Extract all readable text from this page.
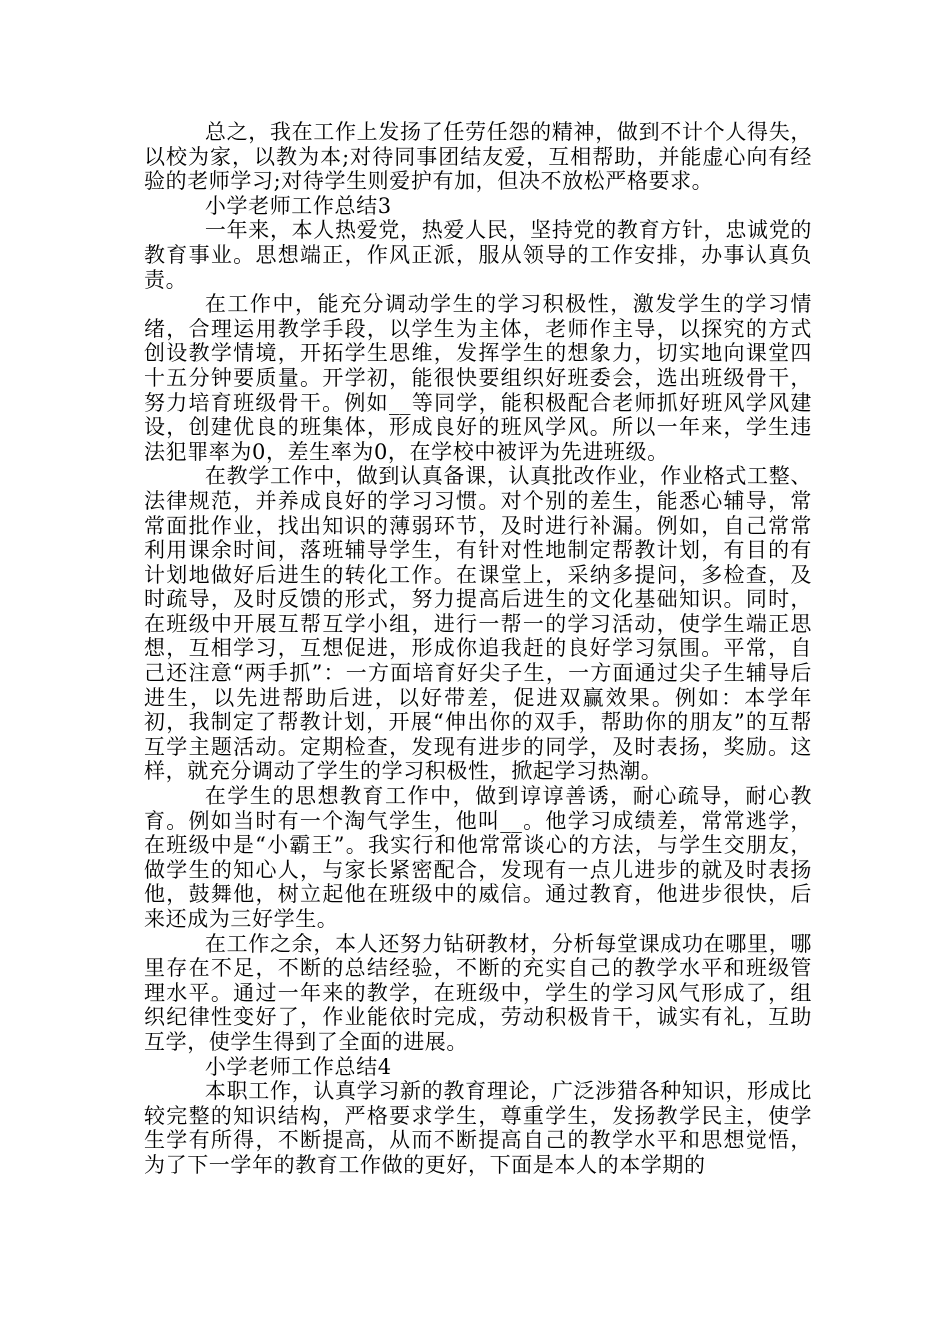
总之，我在工作上发扬了任劳任怨的精神，做到不计个人得失，以校为家，以教为本;对待同事团结友爱，互相帮助，并能虚心向有经验的老师学习;对待学生则爱护有加，但决不放松严格要求。

小学老师工作总结3

一年来，本人热爱党，热爱人民，坚持党的教育方针，忠诚党的教育事业。思想端正，作风正派，服从领导的工作安排，办事认真负责。

在工作中，能充分调动学生的学习积极性，激发学生的学习情绪，合理运用教学手段，以学生为主体，老师作主导，以探究的方式创设教学情境，开拓学生思维，发挥学生的想象力，切实地向课堂四十五分钟要质量。开学初，能很快要组织好班委会，选出班级骨干，努力培育班级骨干。例如__等同学，能积极配合老师抓好班风学风建设，创建优良的班集体，形成良好的班风学风。所以一年来，学生违法犯罪率为0，差生率为0，在学校中被评为先进班级。

在教学工作中，做到认真备课，认真批改作业，作业格式工整、法律规范，并养成良好的学习习惯。对个别的差生，能悉心辅导，常常面批作业，找出知识的薄弱环节，及时进行补漏。例如，自己常常利用课余时间，落班辅导学生，有针对性地制定帮教计划，有目的有计划地做好后进生的转化工作。在课堂上，采纳多提问，多检查，及时疏导，及时反馈的形式，努力提高后进生的文化基础知识。同时，在班级中开展互帮互学小组，进行一帮一的学习活动，使学生端正思想，互相学习，互想促进，形成你追我赶的良好学习氛围。平常，自己还注意“两手抓”：一方面培育好尖子生，一方面通过尖子生辅导后进生，以先进帮助后进，以好带差，促进双赢效果。例如：本学年初，我制定了帮教计划，开展“伸出你的双手，帮助你的朋友”的互帮互学主题活动。定期检查，发现有进步的同学，及时表扬，奖励。这样，就充分调动了学生的学习积极性，掀起学习热潮。

在学生的思想教育工作中，做到谆谆善诱，耐心疏导，耐心教育。例如当时有一个淘气学生，他叫__。他学习成绩差，常常逃学，在班级中是“小霸王”。我实行和他常常谈心的方法，与学生交朋友，做学生的知心人，与家长紧密配合，发现有一点儿进步的就及时表扬他，鼓舞他，树立起他在班级中的威信。通过教育，他进步很快，后来还成为三好学生。

在工作之余，本人还努力钻研教材，分析每堂课成功在哪里，哪里存在不足，不断的总结经验，不断的充实自己的教学水平和班级管理水平。通过一年来的教学，在班级中，学生的学习风气形成了，组织纪律性变好了，作业能依时完成，劳动积极肯干，诚实有礼，互助互学，使学生得到了全面的进展。

小学老师工作总结4

本职工作，认真学习新的教育理论，广泛涉猎各种知识，形成比较完整的知识结构，严格要求学生，尊重学生，发扬教学民主，使学生学有所得，不断提高，从而不断提高自己的教学水平和思想觉悟，为了下一学年的教育工作做的更好，下面是本人的本学期的
